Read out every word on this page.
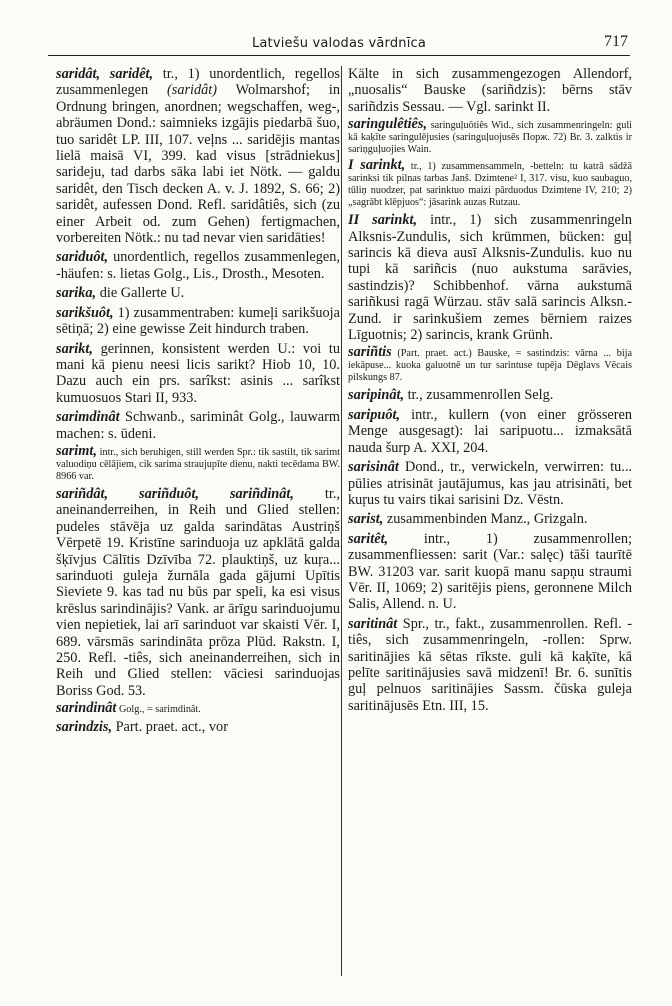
Latviešu valodas vārdnīca	717
saridât, saridêt, tr., 1) unordentlich, regellos zusammenlegen (saridât) Wolmarshof; in Ordnung bringen, anordnen; wegschaffen, weg-, abräumen Dond.: saimnieks izgājis piedarbā šuo, tuo saridêt LP. III, 107. veļns ... saridējis mantas lielā maisā VI, 399. kad visus [strādniekus] sarideju, tad darbs sāka labi iet Nötk. — galdu saridêt, den Tisch decken A. v. J. 1892, S. 66; 2) saridêt, aufessen Dond. Refl. saridâtiês, sich (zu einer Arbeit od. zum Gehen) fertigmachen, vorbereiten Nötk.: nu tad nevar vien saridāties!
sariduôt, unordentlich, regellos zusammenlegen, -häufen: s. lietas Golg., Lis., Drosth., Mesoten.
sarika, die Gallerte U.
sarikšuôt, 1) zusammentraben: kumeļi sarikšuoja sētiņā; 2) eine gewisse Zeit hindurch traben.
sarikt, gerinnen, konsistent werden U.: voi tu mani kā pienu neesi licis sarikt? Hiob 10, 10. Dazu auch ein prs. sarîkst: asinis ... sarîkst kumuosuos Stari II, 933.
sarimdinât Schwanb., sariminât Golg., lauwarm machen: s. ūdeni.
sarimt, intr., sich beruhigen, still werden Spr.: tik sastilt, tik sarimt valuodiņu cēlājiem, cik sarima straujupīte dienu, nakti tecēdama BW. 8966 var.
sariñdât, sariñduôt, sariñdinât, tr., aneinanderreihen, in Reih und Glied stellen: pudeles stāvēja uz galda sarindātas Austriņš Vērpetē 19. Kristīne sarinduoja uz apklātā galda šķīvjus Cālītis Dzīvība 72. plauktiņš, uz kuŗa... sarinduoti guleja žurnāla gada gājumi Upītis Sieviete 9. kas tad nu būs par speli, ka esi visus krēslus sarindinājis? Vank. ar ārīgu sarinduojumu vien nepietiek, lai arī sarinduot var skaisti Vēr. I, 689. vārsmās sarindināta prōza Plūd. Rakstn. I, 250. Refl. -tiês, sich aneinanderreihen, sich in Reih und Glied stellen: vāciesi sarinduojas Boriss God. 53.
sarindinât Golg., = sarimdinât.
sarindzis, Part. praet. act., vor
Kälte in sich zusammengezogen Allendorf, „nuosalis“ Bauske (sariñdzis): bērns stāv sariñdzis Sessau. — Vgl. sarinkt II.
saringulêtiês, saringuļuôtiês Wid., sich zusammenringeln: guli kā kaķīte saringulējusies (saringuļuojusēs Порж. 72) Br. 3. zalktis ir sariņguļuojies Wain.
I sarinkt, tr., 1) zusammensammeln, -betteln: tu katrā sādžā sarinksi tik pilnas tarbas Janš. Dzimtene² I, 317. visu, kuo saubaguo, tūliņ nuodzer, pat sarinktuo maizi pārduodus Dzimtene IV, 210; 2) „sagrābt klēpjuos“: jāsarink auzas Rutzau.
II sarinkt, intr., 1) sich zusammenringeln Alksnis-Zundulis, sich krümmen, bücken: guļ sarincis kā dieva ausī Alksnis-Zundulis. kuo nu tupi kā sariñcis (nuo aukstuma sarāvies, sastindzis)? Schibbenhof. vārna aukstumā sariñkusi ragā Würzau. stāv salā sarincis Alksn.-Zund. ir sarinkušiem zemes bērniem raizes Līguotnis; 2) sarincis, krank Grünh.
sariñtis (Part. praet. act.) Bauske, = sastindzis: vārna ... bija iekāpuse... kuoka galuotnē un tur sarintuse tupēja Dēglavs Vēcais pilskungs 87.
saripinât, tr., zusammenrollen Selg.
saripuôt, intr., kullern (von einer grösseren Menge ausgesagt): lai saripuotu... izmaksātā nauda šurp A. XXI, 204.
sarisinât Dond., tr., verwickeln, verwirren: tu... pūlies atrisināt jautājumus, kas jau atrisināti, bet kuŗus tu vairs tikai sarisini Dz. Vēstn.
sarist, zusammenbinden Manz., Grizgaln.
saritêt, intr., 1) zusammenrollen; zusammenfliessen: sarit (Var.: salęc) tāši taurītē BW. 31203 var. sarit kuopā manu sapņu straumi Vēr. II, 1069; 2) saritējis piens, geronnene Milch Salis, Allend. n. U.
saritinât Spr., tr., fakt., zusammenrollen. Refl. -tiês, sich zusammenringeln, -rollen: Sprw. saritinājies kā sētas rīkste. guli kā kaķīte, kā pelīte saritinājusies savā midzenī! Br. 6. sunītis guļ pelnuos saritinājies Sassm. čūska guleja saritinājusēs Etn. III, 15.
